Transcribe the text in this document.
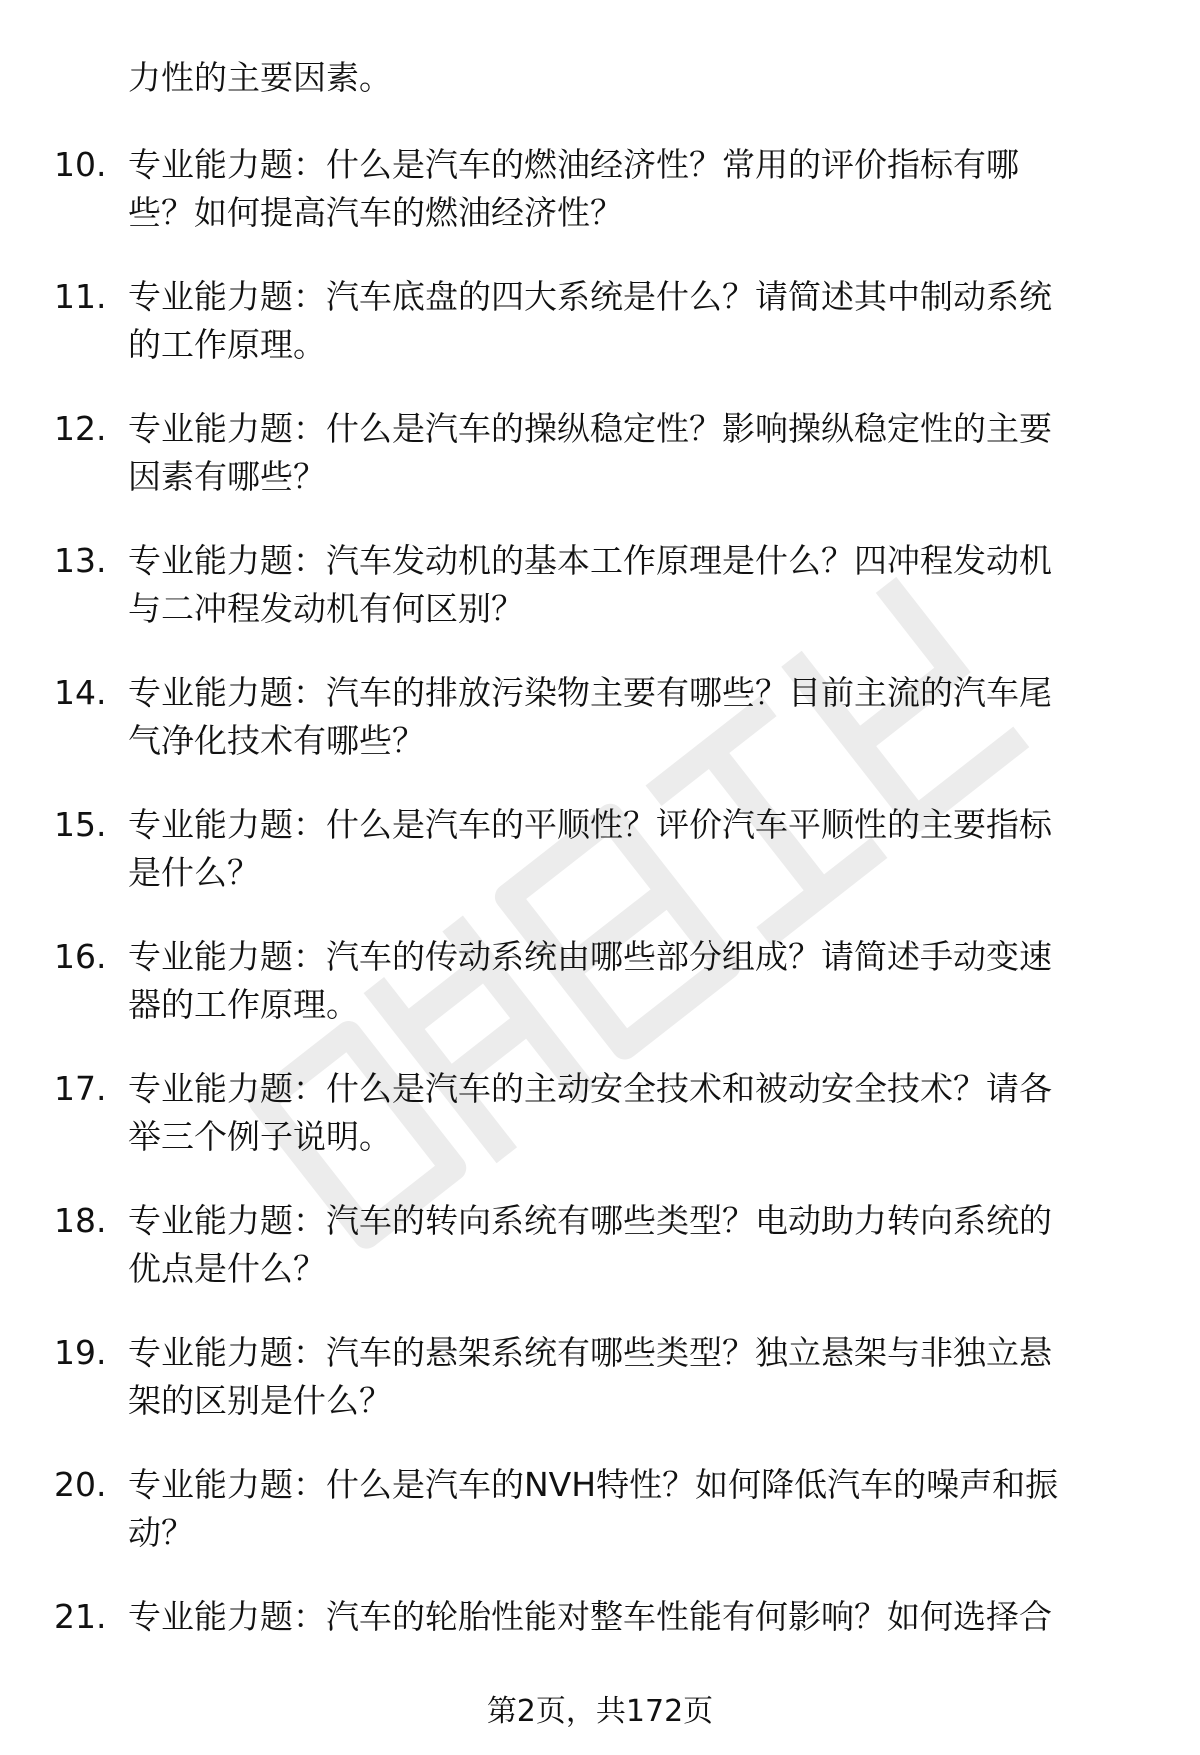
力性的主要因素。
10. 专业能力题：什么是汽车的燃油经济性？常用的评价指标有哪
些？如何提高汽车的燃油经济性？
11. 专业能力题：汽车底盘的四大系统是什么？请简述其中制动系统
的工作原理。
12. 专业能力题：什么是汽车的操纵稳定性？影响操纵稳定性的主要
因素有哪些？
13. 专业能力题：汽车发动机的基本工作原理是什么？四冲程发动机
与二冲程发动机有何区别？
14. 专业能力题：汽车的排放污染物主要有哪些？目前主流的汽车尾
气净化技术有哪些？
15. 专业能力题：什么是汽车的平顺性？评价汽车平顺性的主要指标
是什么？
16. 专业能力题：汽车的传动系统由哪些部分组成？请简述手动变速
器的工作原理。
17. 专业能力题：什么是汽车的主动安全技术和被动安全技术？请各
举三个例子说明。
18. 专业能力题：汽车的转向系统有哪些类型？电动助力转向系统的
优点是什么？
19. 专业能力题：汽车的悬架系统有哪些类型？独立悬架与非独立悬
架的区别是什么？
20. 专业能力题：什么是汽车的NVH特性？如何降低汽车的噪声和振
动？
21. 专业能力题：汽车的轮胎性能对整车性能有何影响？如何选择合
第2页，共172页
